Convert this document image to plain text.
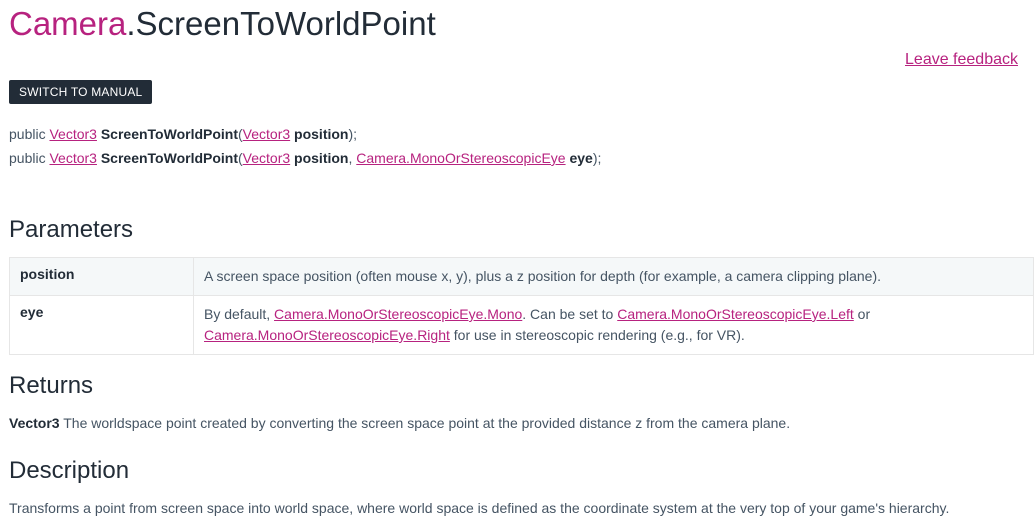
Camera.ScreenToWorldPoint
Leave feedback
SWITCH TO MANUAL
public Vector3 ScreenToWorldPoint(Vector3 position);
public Vector3 ScreenToWorldPoint(Vector3 position, Camera.MonoOrStereoscopicEye eye);
Parameters
position	A screen space position (often mouse x, y), plus a z position for depth (for example, a camera clipping plane).
eye	By default, Camera.MonoOrStereoscopicEye.Mono. Can be set to Camera.MonoOrStereoscopicEye.Left or
Camera.MonoOrStereoscopicEye.Right for use in stereoscopic rendering (e.g., for VR).
Returns
Vector3 The worldspace point created by converting the screen space point at the provided distance z from the camera plane.
Description
Transforms a point from screen space into world space, where world space is defined as the coordinate system at the very top of your game's hierarchy.
